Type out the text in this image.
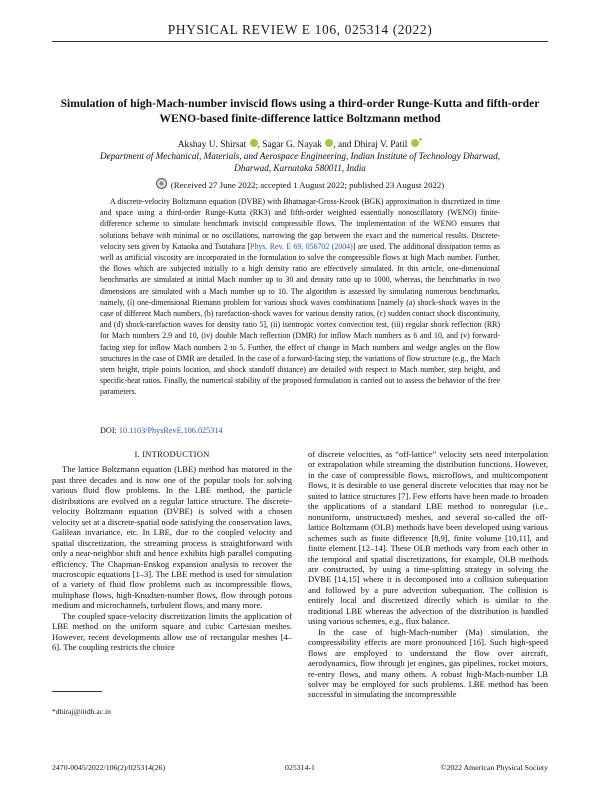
PHYSICAL REVIEW E 106, 025314 (2022)
Simulation of high-Mach-number inviscid flows using a third-order Runge-Kutta and fifth-order WENO-based finite-difference lattice Boltzmann method
Akshay U. Shirsat , Sagar G. Nayak , and Dhiraj V. Patil *
Department of Mechanical, Materials, and Aerospace Engineering, Indian Institute of Technology Dharwad, Dharwad, Karnataka 580011, India
(Received 27 June 2022; accepted 1 August 2022; published 23 August 2022)
A discrete-velocity Boltzmann equation (DVBE) with Bhatnagar-Gross-Krook (BGK) approximation is discretized in time and space using a third-order Runge-Kutta (RK3) and fifth-order weighted essentially nonoscillatory (WENO) finite-difference scheme to simulate benchmark inviscid compressible flows. The implementation of the WENO ensures that solutions behave with minimal or no oscillations, narrowing the gap between the exact and the numerical results. Discrete-velocity sets given by Kataoka and Tsutahara [Phys. Rev. E 69, 056702 (2004)] are used. The additional dissipation terms as well as artificial viscosity are incorporated in the formulation to solve the compressible flows at high Mach number. Further, the flows which are subjected initially to a high density ratio are effectively simulated. In this article, one-dimensional benchmarks are simulated at initial Mach number up to 30 and density ratio up to 1000, whereas, the benchmarks in two dimensions are simulated with a Mach number up to 10. The algorithm is assessed by simulating numerous benchmarks, namely, (i) one-dimensional Riemann problem for various shock waves combinations [namely (a) shock-shock waves in the case of different Mach numbers, (b) rarefaction-shock waves for various density ratios, (c) sudden contact shock discontinuity, and (d) shock-rarefaction waves for density ratio 5], (ii) isentropic vortex convection test, (iii) regular shock reflection (RR) for Mach numbers 2.9 and 10, (iv) double Mach reflection (DMR) for inflow Mach numbers as 6 and 10, and (v) forward-facing step for inflow Mach numbers 2 to 5. Further, the effect of change in Mach numbers and wedge angles on the flow structures in the case of DMR are detailed. In the case of a forward-facing step, the variations of flow structure (e.g., the Mach stem height, triple points location, and shock standoff distance) are detailed with respect to Mach number, step height, and specific-heat ratios. Finally, the numerical stability of the proposed formulation is carried out to assess the behavior of the free parameters.
DOI: 10.1103/PhysRevE.106.025314
I. INTRODUCTION

The lattice Boltzmann equation (LBE) method has matured in the past three decades and is now one of the popular tools for solving various fluid flow problems. In the LBE method, the particle distributions are evolved on a regular lattice structure. The discrete-velocity Boltzmann equation (DVBE) is solved with a chosen velocity set at a discrete-spatial node satisfying the conservation laws, Galilean invariance, etc. In LBE, due to the coupled velocity and spatial discretization, the streaming process is straightforward with only a near-neighbor shift and hence exhibits high parallel computing efficiency. The Chapman-Enskog expansion analysis to recover the macroscopic equations [1–3]. The LBE method is used for simulation of a variety of fluid flow problems such as incompressible flows, multiphase flows, high-Knudsen-number flows, flow through porous medium and microchannels, turbulent flows, and many more.

The coupled space-velocity discretization limits the application of LBE method on the uniform square and cubic Cartesian meshes. However, recent developments allow use of rectangular meshes [4–6]. The coupling restricts the choice

of discrete velocities, as “off-lattice” velocity sets need interpolation or extrapolation while streaming the distribution functions. However, in the case of compressible flows, microflows, and multicomponent flows, it is desirable to use general discrete velocities that may not be suited to lattice structures [7]. Few efforts have been made to broaden the applications of a standard LBE method to nonregular (i.e., nonuniform, unstructured) meshes, and several so-called the off-lattice Boltzmann (OLB) methods have been developed using various schemes such as finite difference [8,9], finite volume [10,11], and finite element [12–14]. These OLB methods vary from each other in the temporal and spatial discretizations, for example, OLB methods are constructed, by using a time-splitting strategy in solving the DVBE [14,15] where it is decomposed into a collision subequation and followed by a pure advection subequation. The collision is entirely local and discretized directly which is similar to the traditional LBE whereas the advection of the distribution is handled using various schemes, e.g., flux balance.

In the case of high-Mach-number (Ma) simulation, the compressibility effects are more pronounced [16]. Such high-speed flows are employed to understand the flow over aircraft, aerodynamics, flow through jet engines, gas pipelines, rocket motors, re-entry flows, and many others. A robust high-Mach-number LB solver may be employed for such problems. LBE method has been successful in simulating the incompressible

*dhiraj@iitdh.ac.in
2470-0045/2022/106(2)/025314(26)	025314-1	©2022 American Physical Society
